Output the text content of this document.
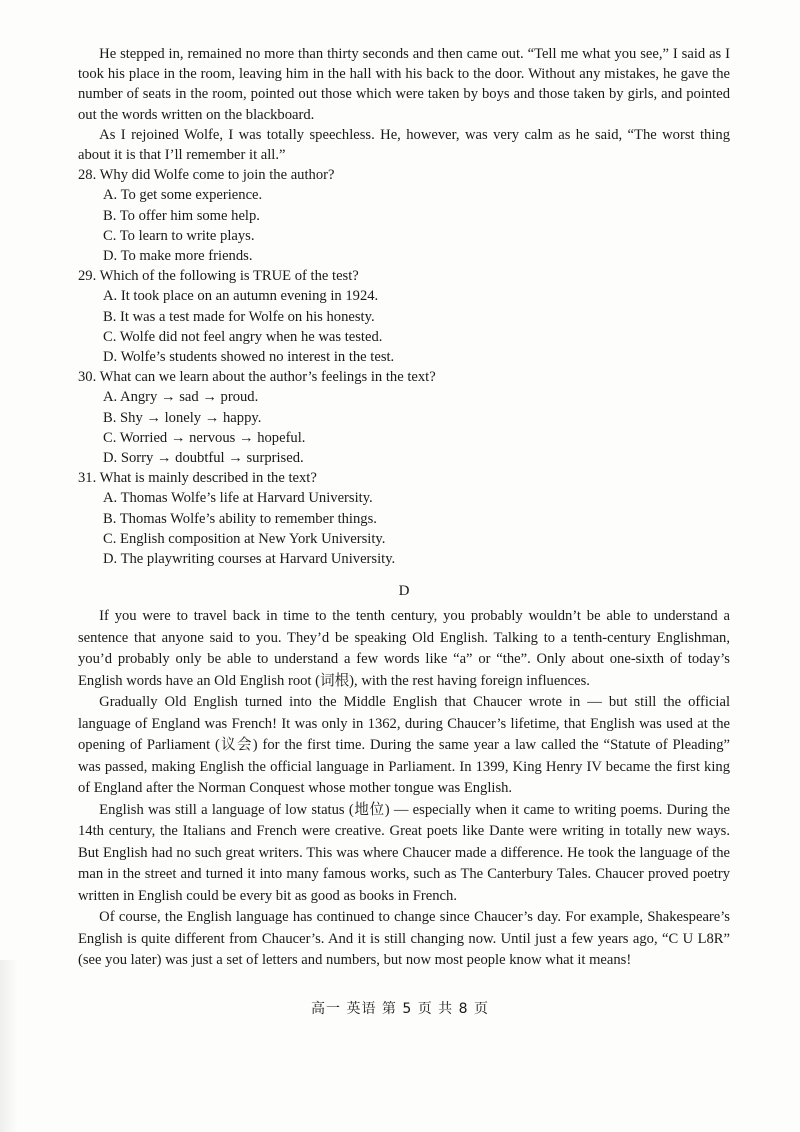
He stepped in, remained no more than thirty seconds and then came out. “Tell me what you see,” I said as I took his place in the room, leaving him in the hall with his back to the door. Without any mistakes, he gave the number of seats in the room, pointed out those which were taken by boys and those taken by girls, and pointed out the words written on the blackboard.

As I rejoined Wolfe, I was totally speechless. He, however, was very calm as he said, “The worst thing about it is that I’ll remember it all.”

28. Why did Wolfe come to join the author?
A. To get some experience.
B. To offer him some help.
C. To learn to write plays.
D. To make more friends.
29. Which of the following is TRUE of the test?
A. It took place on an autumn evening in 1924.
B. It was a test made for Wolfe on his honesty.
C. Wolfe did not feel angry when he was tested.
D. Wolfe’s students showed no interest in the test.
30. What can we learn about the author’s feelings in the text?
A. Angry → sad → proud.
B. Shy → lonely → happy.
C. Worried → nervous → hopeful.
D. Sorry → doubtful → surprised.
31. What is mainly described in the text?
A. Thomas Wolfe’s life at Harvard University.
B. Thomas Wolfe’s ability to remember things.
C. English composition at New York University.
D. The playwriting courses at Harvard University.
D

If you were to travel back in time to the tenth century, you probably wouldn’t be able to understand a sentence that anyone said to you. They’d be speaking Old English. Talking to a tenth-century Englishman, you’d probably only be able to understand a few words like “a” or “the”. Only about one-sixth of today’s English words have an Old English root (词根), with the rest having foreign influences.

Gradually Old English turned into the Middle English that Chaucer wrote in — but still the official language of England was French! It was only in 1362, during Chaucer’s lifetime, that English was used at the opening of Parliament (议会) for the first time. During the same year a law called the “Statute of Pleading” was passed, making English the official language in Parliament. In 1399, King Henry IV became the first king of England after the Norman Conquest whose mother tongue was English.

English was still a language of low status (地位) — especially when it came to writing poems. During the 14th century, the Italians and French were creative. Great poets like Dante were writing in totally new ways. But English had no such great writers. This was where Chaucer made a difference. He took the language of the man in the street and turned it into many famous works, such as The Canterbury Tales. Chaucer proved poetry written in English could be every bit as good as books in French.

Of course, the English language has continued to change since Chaucer’s day. For example, Shakespeare’s English is quite different from Chaucer’s. And it is still changing now. Until just a few years ago, “C U L8R” (see you later) was just a set of letters and numbers, but now most people know what it means!

高一 英语 第 5 页 共 8 页
